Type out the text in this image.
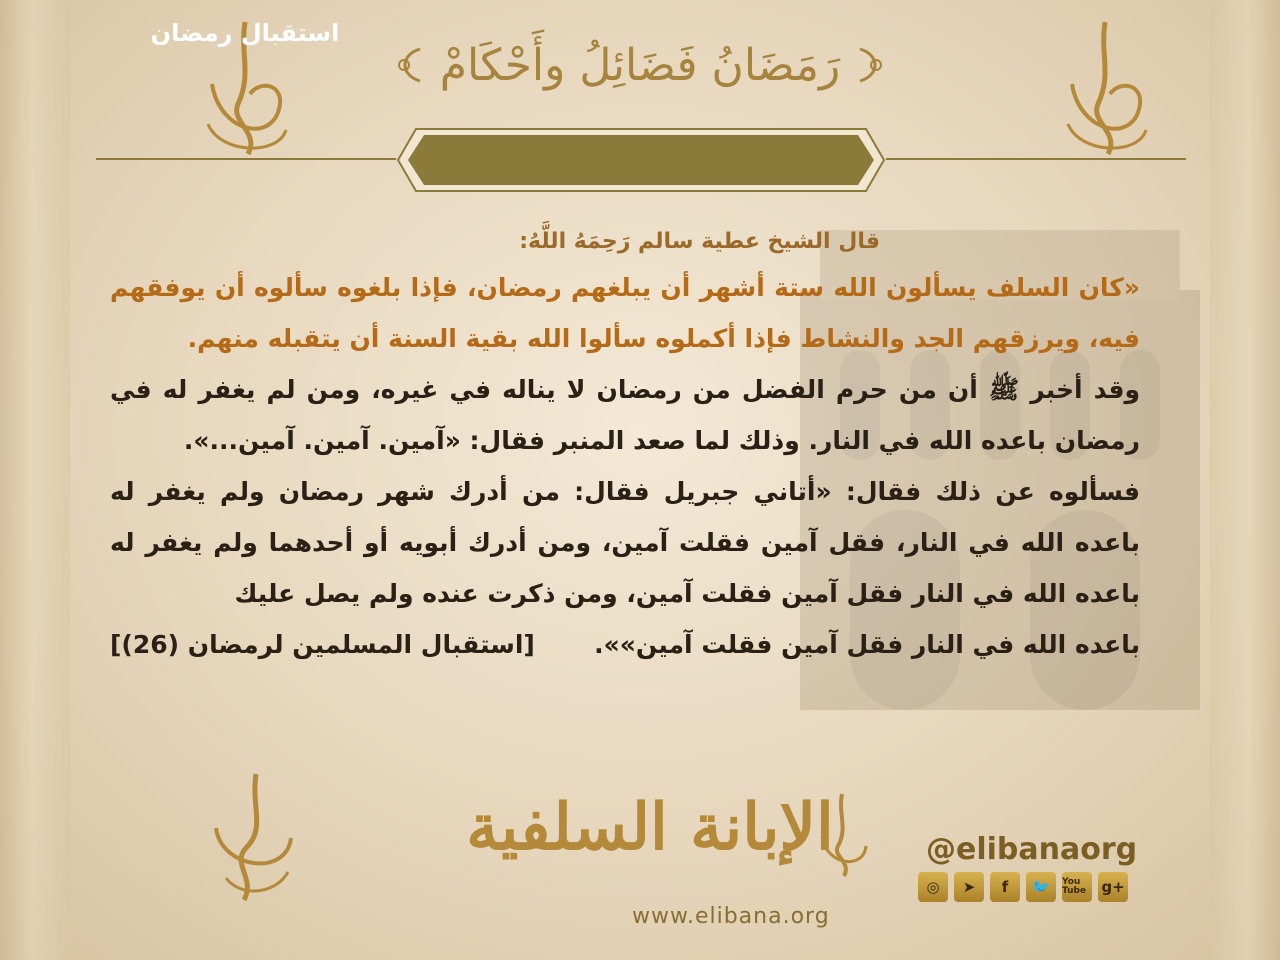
رَمَضَانُ فَضَائِلُ وأَحْكَامْ
استقبال رمضان
قال الشيخ عطية سالم رَحِمَهُ اللَّهُ:

«كان السلف يسألون الله ستة أشهر أن يبلغهم رمضان، فإذا بلغوه سألوه أن يوفقهم فيه، ويرزقهم الجد والنشاط فإذا أكملوه سألوا الله بقية السنة أن يتقبله منهم.

وقد أخبر ﷺ أن من حرم الفضل من رمضان لا يناله في غيره، ومن لم يغفر له في رمضان باعده الله في النار. وذلك لما صعد المنبر فقال: «آمين. آمين. آمين...».

فسألوه عن ذلك فقال: «أتاني جبريل فقال: من أدرك شهر رمضان ولم يغفر له باعده الله في النار، فقل آمين فقلت آمين، ومن أدرك أبويه أو أحدهما ولم يغفر له باعده الله في النار فقل آمين فقلت آمين، ومن ذكرت عنده ولم يصل عليك

باعده الله في النار فقل آمين فقلت آمين»».
[استقبال المسلمين لرمضان (26)]
الإبانة السلفية
www.elibana.org
@elibanaorg
◎	➤	f	🐦	You Tube	g+
